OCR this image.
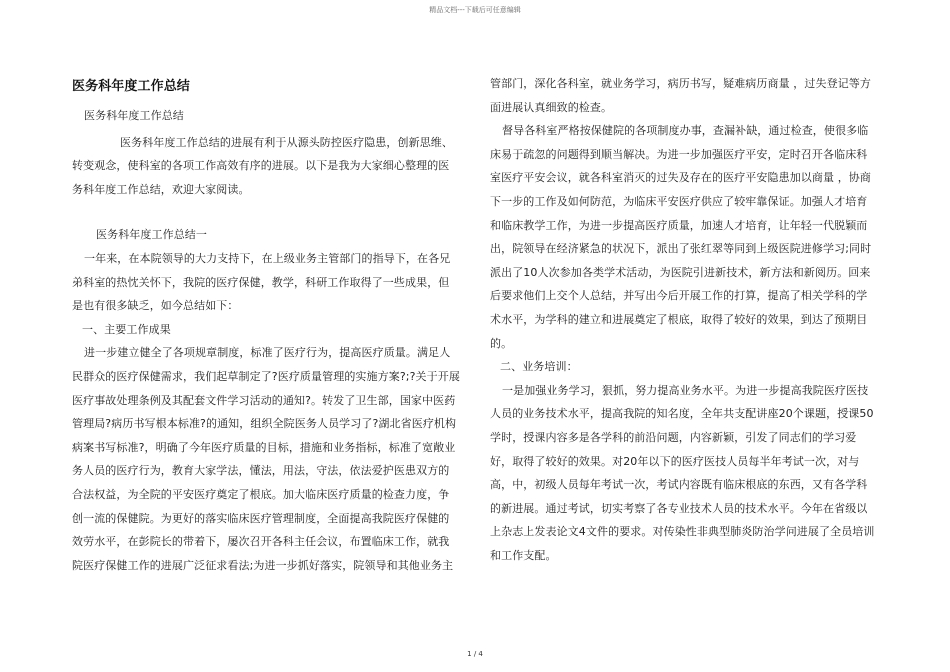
精品文档---下载后可任意编辑

医务科年度工作总结

医务科年度工作总结

医务科年度工作总结的进展有利于从源头防控医疗隐患，创新思维、转变观念，使科室的各项工作高效有序的进展。以下是我为大家细心整理的医务科年度工作总结，欢迎大家阅读。

医务科年度工作总结一

一年来，在本院领导的大力支持下，在上级业务主管部门的指导下，在各兄弟科室的热忱关怀下，我院的医疗保健，教学，科研工作取得了一些成果，但是也有很多缺乏，如今总结如下：

一、主要工作成果

进一步建立健全了各项规章制度，标准了医疗行为，提高医疗质量。满足人民群众的医疗保健需求，我们起草制定了?医疗质量管理的实施方案?;?关于开展医疗事故处理条例及其配套文件学习活动的通知?。转发了卫生部，国家中医药管理局?病历书写根本标准?的通知，组织全院医务人员学习了?湖北省医疗机构病案书写标准?，明确了今年医疗质量的目标，措施和业务指标，标准了宽敞业务人员的医疗行为，教育大家学法，懂法，用法，守法，依法爱护医患双方的合法权益，为全院的平安医疗奠定了根底。加大临床医疗质量的检查力度，争创一流的保健院。为更好的落实临床医疗管理制度，全面提高我院医疗保健的效劳水平，在彭院长的带着下，屡次召开各科主任会议，布置临床工作，就我院医疗保健工作的进展广泛征求看法;为进一步抓好落实，院领导和其他业务主

管部门，深化各科室，就业务学习，病历书写，疑难病历商量 ，过失登记等方面进展认真细致的检查。

督导各科室严格按保健院的各项制度办事，查漏补缺，通过检查，使很多临床易于疏忽的问题得到顺当解决。为进一步加强医疗平安，定时召开各临床科室医疗平安会议，就各科室消灭的过失及存在的医疗平安隐患加以商量 ，协商 下一步的工作及如何防范，为临床平安医疗供应了较牢靠保证。加强人才培育和临床教学工作，为进一步提高医疗质量，加速人才培育，让年轻一代脱颖而出，院领导在经济紧急的状况下，派出了张红翠等同到上级医院进修学习;同时派出了10人次参加各类学术活动，为医院引进新技术，新方法和新阅历。回来后要求他们上交个人总结，并写出今后开展工作的打算，提高了相关学科的学术水平，为学科的建立和进展奠定了根底，取得了较好的效果，到达了预期目的。

二、业务培训：

一是加强业务学习，狠抓，努力提高业务水平。为进一步提高我院医疗医技人员的业务技术水平，提高我院的知名度，全年共支配讲座20个课题，授课50学时，授课内容多是各学科的前沿问题，内容新颖，引发了同志们的学习爱好，取得了较好的效果。对20年以下的医疗医技人员每半年考试一次，对与高，中，初级人员每年考试一次，考试内容既有临床根底的东西，又有各学科的新进展。通过考试，切实考察了各专业技术人员的技术水平。今年在省级以上杂志上发表论文4文件的要求。对传染性非典型肺炎防治学问进展了全员培训和工作支配。

1 / 4
